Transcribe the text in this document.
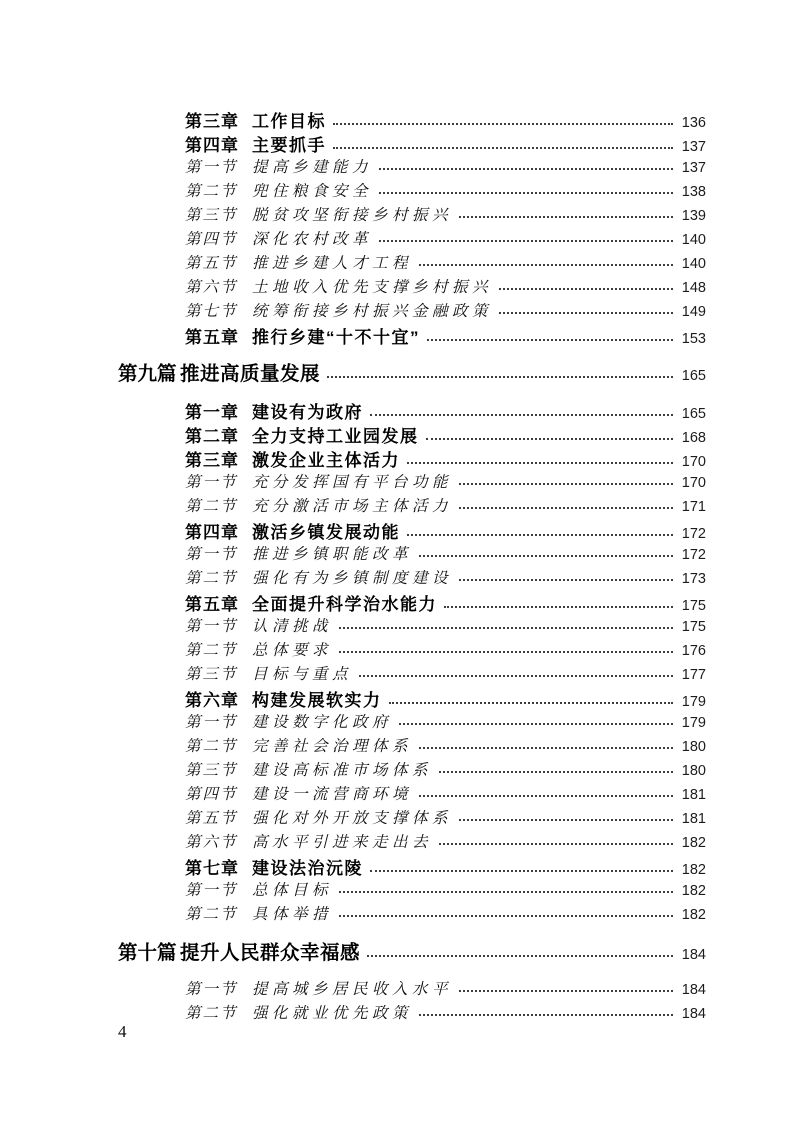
第三章 工作目标	136
第四章 主要抓手	137
第一节 提高乡建能力	137
第二节 兜住粮食安全	138
第三节 脱贫攻坚衔接乡村振兴	139
第四节 深化农村改革	140
第五节 推进乡建人才工程	140
第六节 土地收入优先支撑乡村振兴	148
第七节 统筹衔接乡村振兴金融政策	149
第五章 推行乡建“十不十宜”	153
第九篇 推进高质量发展	165
第一章 建设有为政府	165
第二章 全力支持工业园发展	168
第三章 激发企业主体活力	170
第一节 充分发挥国有平台功能	170
第二节 充分激活市场主体活力	171
第四章 激活乡镇发展动能	172
第一节 推进乡镇职能改革	172
第二节 强化有为乡镇制度建设	173
第五章 全面提升科学治水能力	175
第一节 认清挑战	175
第二节 总体要求	176
第三节 目标与重点	177
第六章 构建发展软实力	179
第一节 建设数字化政府	179
第二节 完善社会治理体系	180
第三节 建设高标准市场体系	180
第四节 建设一流营商环境	181
第五节 强化对外开放支撑体系	181
第六节 高水平引进来走出去	182
第七章 建设法治沅陵	182
第一节 总体目标	182
第二节 具体举措	182
第十篇 提升人民群众幸福感	184
第一节 提高城乡居民收入水平	184
第二节 强化就业优先政策	184
4
